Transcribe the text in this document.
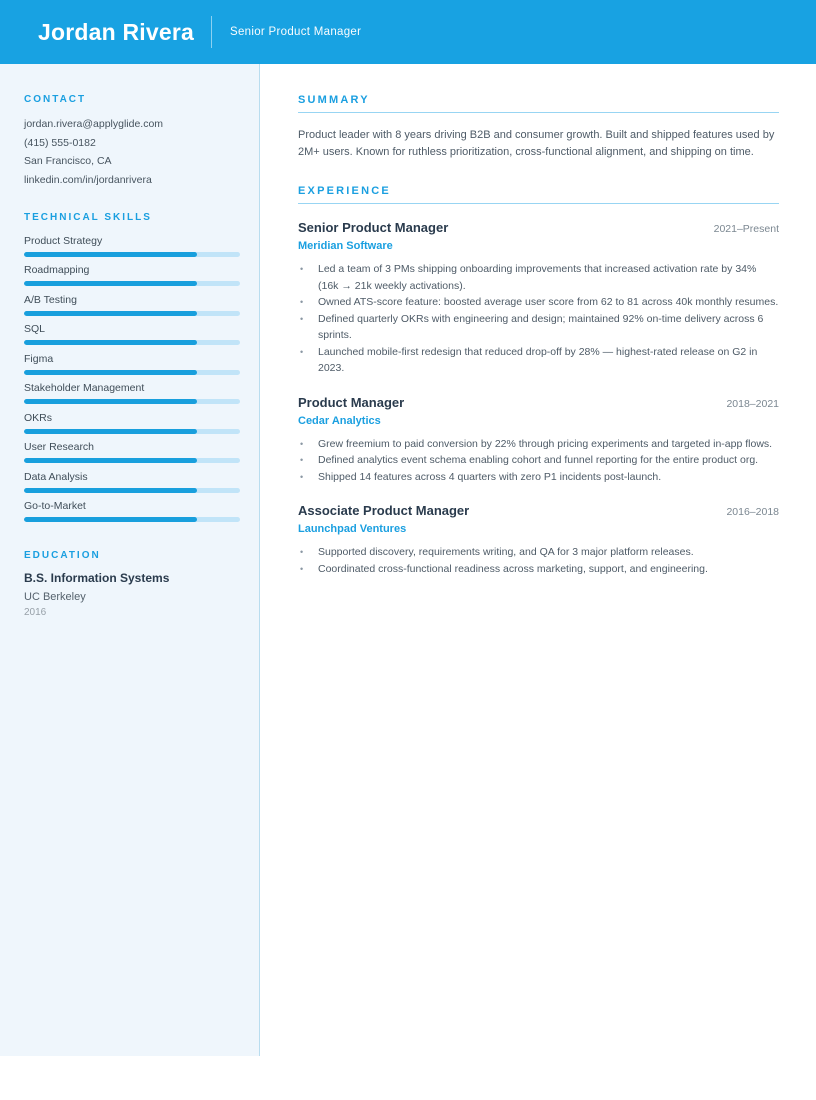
Jordan Rivera	Senior Product Manager
CONTACT
jordan.rivera@applyglide.com
(415) 555-0182
San Francisco, CA
linkedin.com/in/jordanrivera
TECHNICAL SKILLS
Product Strategy
Roadmapping
A/B Testing
SQL
Figma
Stakeholder Management
OKRs
User Research
Data Analysis
Go-to-Market
EDUCATION
B.S. Information Systems
UC Berkeley
2016
SUMMARY

Product leader with 8 years driving B2B and consumer growth. Built and shipped features used by 2M+ users. Known for ruthless prioritization, cross-functional alignment, and shipping on time.

EXPERIENCE
Senior Product Manager	2021–Present
Meridian Software
•	Led a team of 3 PMs shipping onboarding improvements that increased activation rate by 34% (16k → 21k weekly activations).
•	Owned ATS-score feature: boosted average user score from 62 to 81 across 40k monthly resumes.
•	Defined quarterly OKRs with engineering and design; maintained 92% on-time delivery across 6 sprints.
•	Launched mobile-first redesign that reduced drop-off by 28% — highest-rated release on G2 in 2023.
Product Manager	2018–2021
Cedar Analytics
•	Grew freemium to paid conversion by 22% through pricing experiments and targeted in-app flows.
•	Defined analytics event schema enabling cohort and funnel reporting for the entire product org.
•	Shipped 14 features across 4 quarters with zero P1 incidents post-launch.
Associate Product Manager	2016–2018
Launchpad Ventures
•	Supported discovery, requirements writing, and QA for 3 major platform releases.
•	Coordinated cross-functional readiness across marketing, support, and engineering.
